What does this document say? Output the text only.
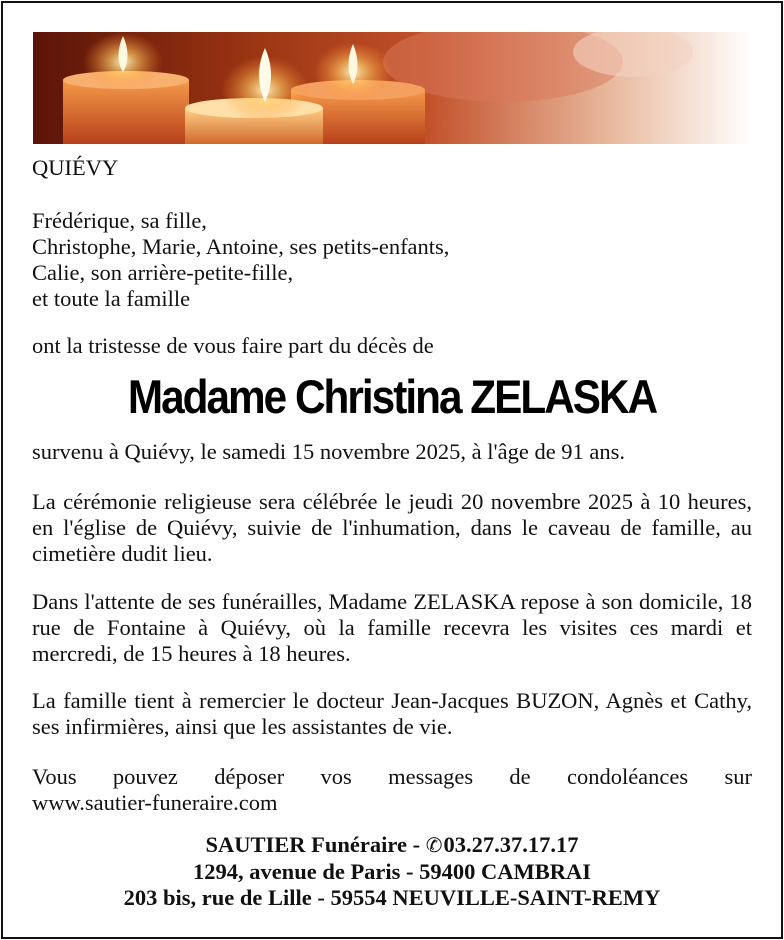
QUIÉVY

Frédérique, sa fille,
Christophe, Marie, Antoine, ses petits-enfants,
Calie, son arrière-petite-fille,
et toute la famille

ont la tristesse de vous faire part du décès de

Madame Christina ZELASKA

survenu à Quiévy, le samedi 15 novembre 2025, à l'âge de 91 ans.

La cérémonie religieuse sera célébrée le jeudi 20 novembre 2025 à 10 heures, en l'église de Quiévy, suivie de l'inhumation, dans le caveau de famille, au cimetière dudit lieu.

Dans l'attente de ses funérailles, Madame ZELASKA repose à son domicile, 18 rue de Fontaine à Quiévy, où la famille recevra les visites ces mardi et mercredi, de 15 heures à 18 heures.

La famille tient à remercier le docteur Jean-Jacques BUZON, Agnès et Cathy, ses infirmières, ainsi que les assistantes de vie.

Vous pouvez déposer vos messages de condoléances sur
www.sautier-funeraire.com
SAUTIER Funéraire - ✆03.27.37.17.17
1294, avenue de Paris - 59400 CAMBRAI
203 bis, rue de Lille - 59554 NEUVILLE-SAINT-REMY
